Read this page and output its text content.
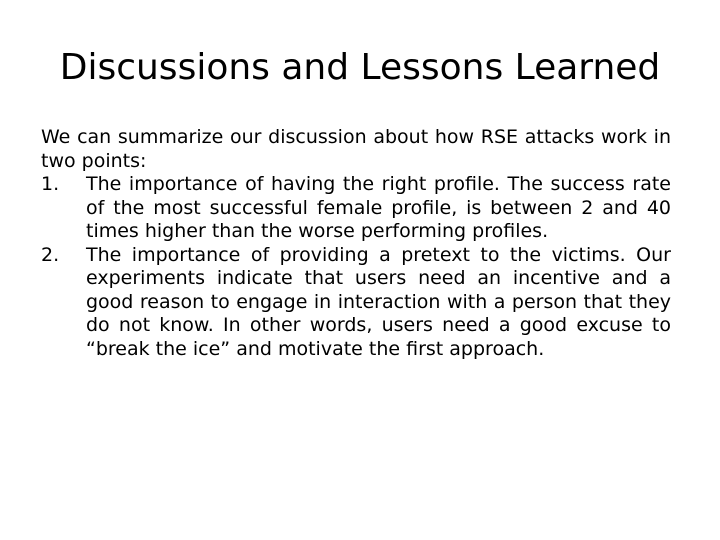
Discussions and Lessons Learned

We can summarize our discussion about how RSE attacks work in two points:

1. The importance of having the right profile. The success rate of the most successful female profile, is between 2 and 40 times higher than the worse performing profiles.
2. The importance of providing a pretext to the victims. Our experiments indicate that users need an incentive and a good reason to engage in interaction with a person that they do not know. In other words, users need a good excuse to “break the ice” and motivate the first approach.
